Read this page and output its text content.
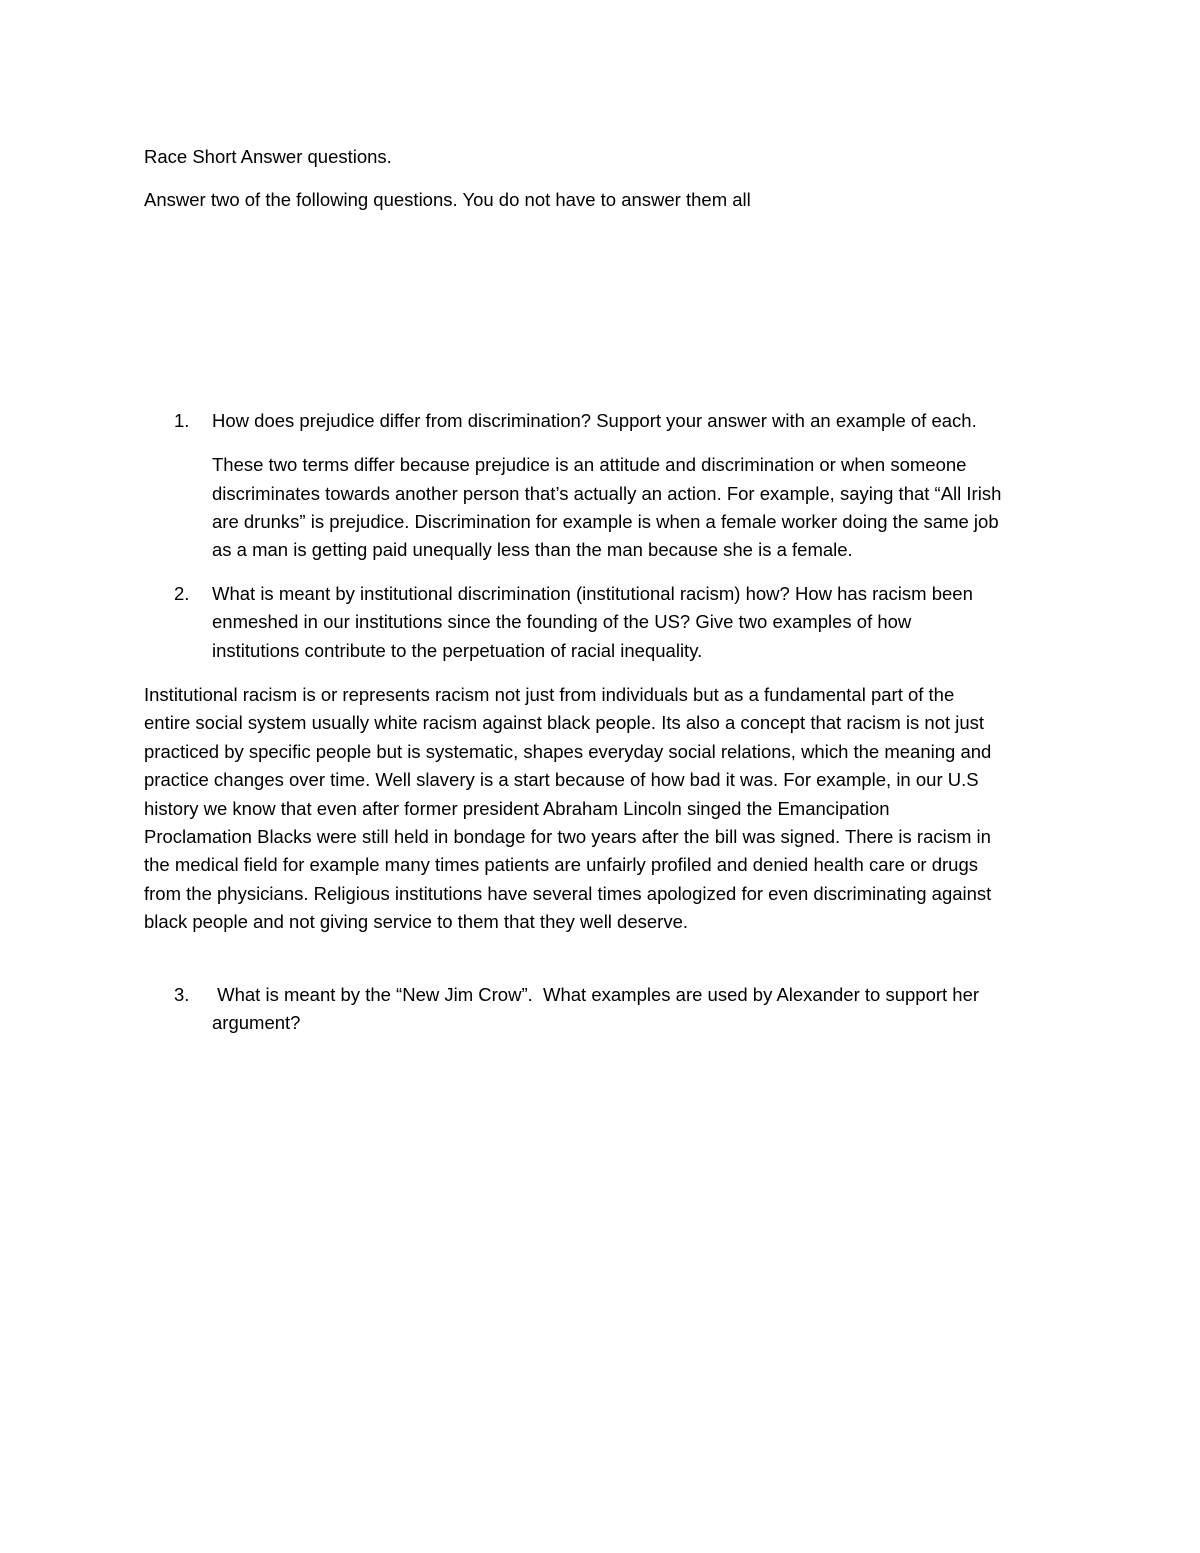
Race Short Answer questions.
Answer two of the following questions. You do not have to answer them all
1. How does prejudice differ from discrimination? Support your answer with an example of each.
These two terms differ because prejudice is an attitude and discrimination or when someone
discriminates towards another person that’s actually an action. For example, saying that “All Irish
are drunks” is prejudice. Discrimination for example is when a female worker doing the same job
as a man is getting paid unequally less than the man because she is a female.
2. What is meant by institutional discrimination (institutional racism) how? How has racism been
enmeshed in our institutions since the founding of the US? Give two examples of how
institutions contribute to the perpetuation of racial inequality.
Institutional racism is or represents racism not just from individuals but as a fundamental part of the
entire social system usually white racism against black people. Its also a concept that racism is not just
practiced by specific people but is systematic, shapes everyday social relations, which the meaning and
practice changes over time. Well slavery is a start because of how bad it was. For example, in our U.S
history we know that even after former president Abraham Lincoln singed the Emancipation
Proclamation Blacks were still held in bondage for two years after the bill was signed. There is racism in
the medical field for example many times patients are unfairly profiled and denied health care or drugs
from the physicians. Religious institutions have several times apologized for even discriminating against
black people and not giving service to them that they well deserve.
3. What is meant by the “New Jim Crow”.  What examples are used by Alexander to support her
argument?
